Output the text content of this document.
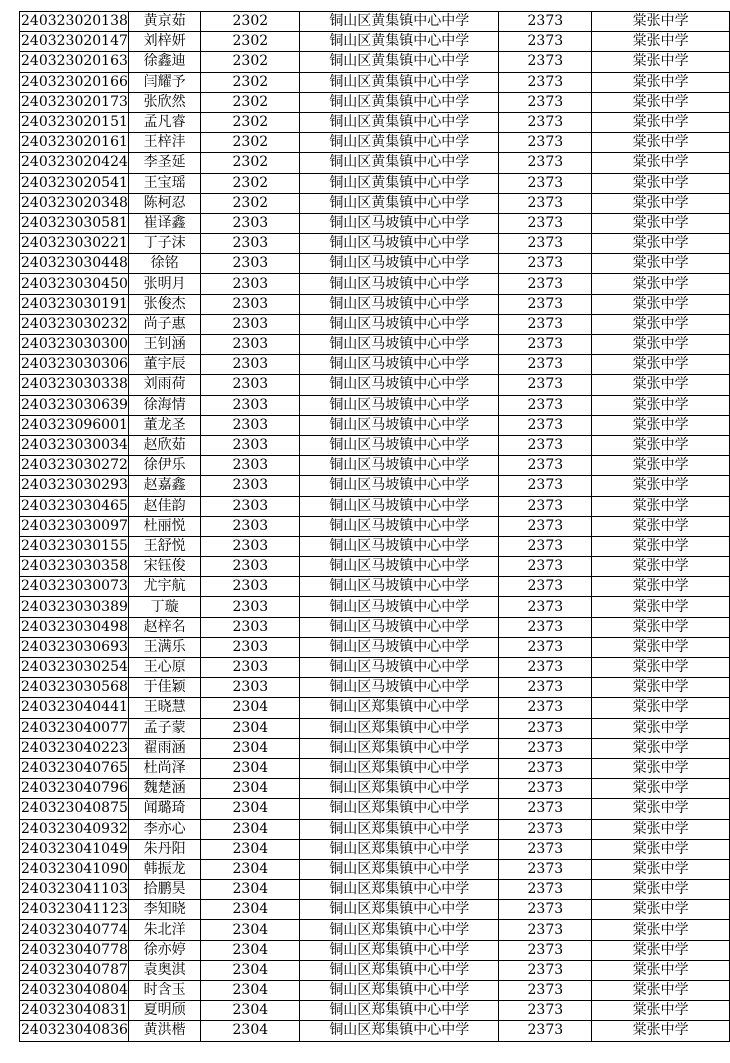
240323020138	黄京茹	2302	铜山区黄集镇中心中学	2373	棠张中学
240323020147	刘梓妍	2302	铜山区黄集镇中心中学	2373	棠张中学
240323020163	徐鑫迪	2302	铜山区黄集镇中心中学	2373	棠张中学
240323020166	闫耀予	2302	铜山区黄集镇中心中学	2373	棠张中学
240323020173	张欣然	2302	铜山区黄集镇中心中学	2373	棠张中学
240323020151	孟凡睿	2302	铜山区黄集镇中心中学	2373	棠张中学
240323020161	王梓沣	2302	铜山区黄集镇中心中学	2373	棠张中学
240323020424	李圣延	2302	铜山区黄集镇中心中学	2373	棠张中学
240323020541	王宝瑶	2302	铜山区黄集镇中心中学	2373	棠张中学
240323020348	陈柯忍	2302	铜山区黄集镇中心中学	2373	棠张中学
240323030581	崔译鑫	2303	铜山区马坡镇中心中学	2373	棠张中学
240323030221	丁子沫	2303	铜山区马坡镇中心中学	2373	棠张中学
240323030448	徐铭	2303	铜山区马坡镇中心中学	2373	棠张中学
240323030450	张明月	2303	铜山区马坡镇中心中学	2373	棠张中学
240323030191	张俊杰	2303	铜山区马坡镇中心中学	2373	棠张中学
240323030232	尚子惠	2303	铜山区马坡镇中心中学	2373	棠张中学
240323030300	王钊涵	2303	铜山区马坡镇中心中学	2373	棠张中学
240323030306	董宇辰	2303	铜山区马坡镇中心中学	2373	棠张中学
240323030338	刘雨荷	2303	铜山区马坡镇中心中学	2373	棠张中学
240323030639	徐海情	2303	铜山区马坡镇中心中学	2373	棠张中学
240323096001	董龙圣	2303	铜山区马坡镇中心中学	2373	棠张中学
240323030034	赵欣茹	2303	铜山区马坡镇中心中学	2373	棠张中学
240323030272	徐伊乐	2303	铜山区马坡镇中心中学	2373	棠张中学
240323030293	赵嘉鑫	2303	铜山区马坡镇中心中学	2373	棠张中学
240323030465	赵佳韵	2303	铜山区马坡镇中心中学	2373	棠张中学
240323030097	杜丽悦	2303	铜山区马坡镇中心中学	2373	棠张中学
240323030155	王舒悦	2303	铜山区马坡镇中心中学	2373	棠张中学
240323030358	宋钰俊	2303	铜山区马坡镇中心中学	2373	棠张中学
240323030073	尤宇航	2303	铜山区马坡镇中心中学	2373	棠张中学
240323030389	丁璇	2303	铜山区马坡镇中心中学	2373	棠张中学
240323030498	赵梓名	2303	铜山区马坡镇中心中学	2373	棠张中学
240323030693	王满乐	2303	铜山区马坡镇中心中学	2373	棠张中学
240323030254	王心原	2303	铜山区马坡镇中心中学	2373	棠张中学
240323030568	于佳颖	2303	铜山区马坡镇中心中学	2373	棠张中学
240323040441	王晓慧	2304	铜山区郑集镇中心中学	2373	棠张中学
240323040077	孟子蒙	2304	铜山区郑集镇中心中学	2373	棠张中学
240323040223	翟雨涵	2304	铜山区郑集镇中心中学	2373	棠张中学
240323040765	杜尚泽	2304	铜山区郑集镇中心中学	2373	棠张中学
240323040796	魏楚涵	2304	铜山区郑集镇中心中学	2373	棠张中学
240323040875	闻璐琦	2304	铜山区郑集镇中心中学	2373	棠张中学
240323040932	李亦心	2304	铜山区郑集镇中心中学	2373	棠张中学
240323041049	朱丹阳	2304	铜山区郑集镇中心中学	2373	棠张中学
240323041090	韩振龙	2304	铜山区郑集镇中心中学	2373	棠张中学
240323041103	拾鹏昊	2304	铜山区郑集镇中心中学	2373	棠张中学
240323041123	李知晓	2304	铜山区郑集镇中心中学	2373	棠张中学
240323040774	朱北洋	2304	铜山区郑集镇中心中学	2373	棠张中学
240323040778	徐亦婷	2304	铜山区郑集镇中心中学	2373	棠张中学
240323040787	袁奥淇	2304	铜山区郑集镇中心中学	2373	棠张中学
240323040804	时含玉	2304	铜山区郑集镇中心中学	2373	棠张中学
240323040831	夏明颀	2304	铜山区郑集镇中心中学	2373	棠张中学
240323040836	黄洪楷	2304	铜山区郑集镇中心中学	2373	棠张中学
